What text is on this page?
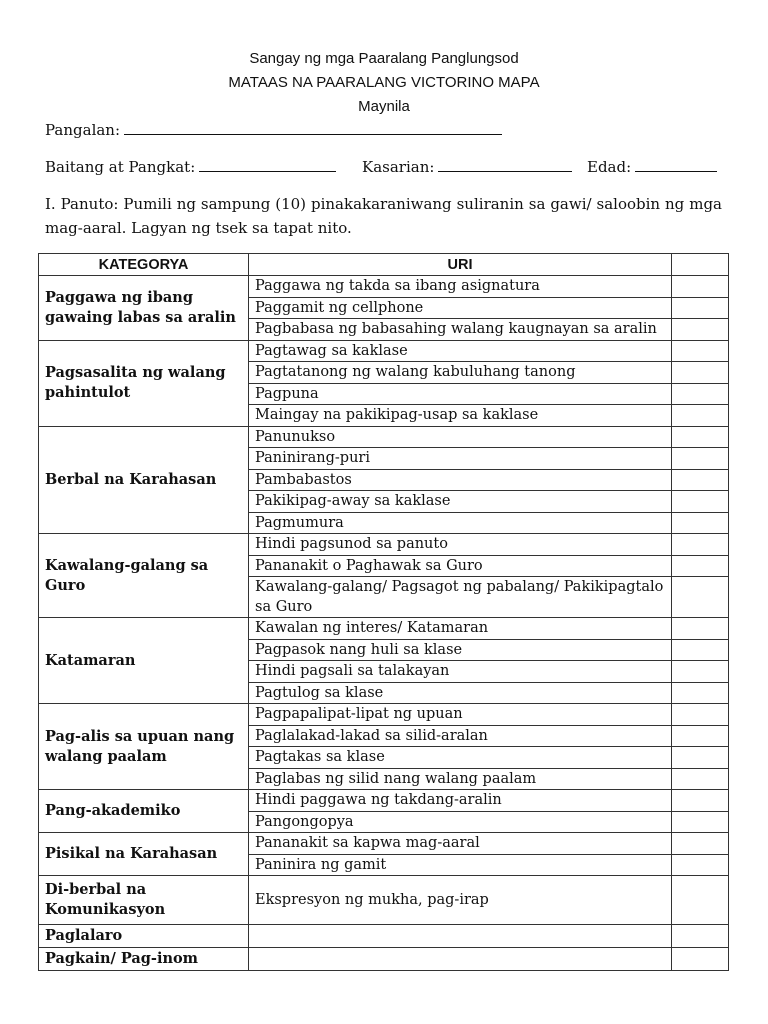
Sangay ng mga Paaralang Panglungsod
MATAAS NA PAARALANG VICTORINO MAPA
Maynila
Pangalan:
Baitang at Pangkat:	Kasarian:	Edad:
I. Panuto: Pumili ng sampung (10) pinakakaraniwang suliranin sa gawi/ saloobin ng mga mag-aaral. Lagyan ng tsek sa tapat nito.
KATEGORYA	URI	
Paggawa ng ibang gawaing labas sa aralin	Paggawa ng takda sa ibang asignatura	
	Paggamit ng cellphone	
	Pagbabasa ng babasahing walang kaugnayan sa aralin	
Pagsasalita ng walang pahintulot	Pagtawag sa kaklase	
	Pagtatanong ng walang kabuluhang tanong	
	Pagpuna	
	Maingay na pakikipag-usap sa kaklase	
Berbal na Karahasan	Panunukso	
	Paninirang-puri	
	Pambabastos	
	Pakikipag-away sa kaklase	
	Pagmumura	
Kawalang-galang sa Guro	Hindi pagsunod sa panuto	
	Pananakit o Paghawak sa Guro	
	Kawalang-galang/ Pagsagot ng pabalang/ Pakikipagtalo sa Guro	
Katamaran	Kawalan ng interes/ Katamaran	
	Pagpasok nang huli sa klase	
	Hindi pagsali sa talakayan	
	Pagtulog sa klase	
Pag-alis sa upuan nang walang paalam	Pagpapalipat-lipat ng upuan	
	Paglalakad-lakad sa silid-aralan	
	Pagtakas sa klase	
	Paglabas ng silid nang walang paalam	
Pang-akademiko	Hindi paggawa ng takdang-aralin	
	Pangongopya	
Pisikal na Karahasan	Pananakit sa kapwa mag-aaral	
	Paninira ng gamit	
Di-berbal na Komunikasyon	Ekspresyon ng mukha, pag-irap	
Paglalaro		
Pagkain/ Pag-inom		
